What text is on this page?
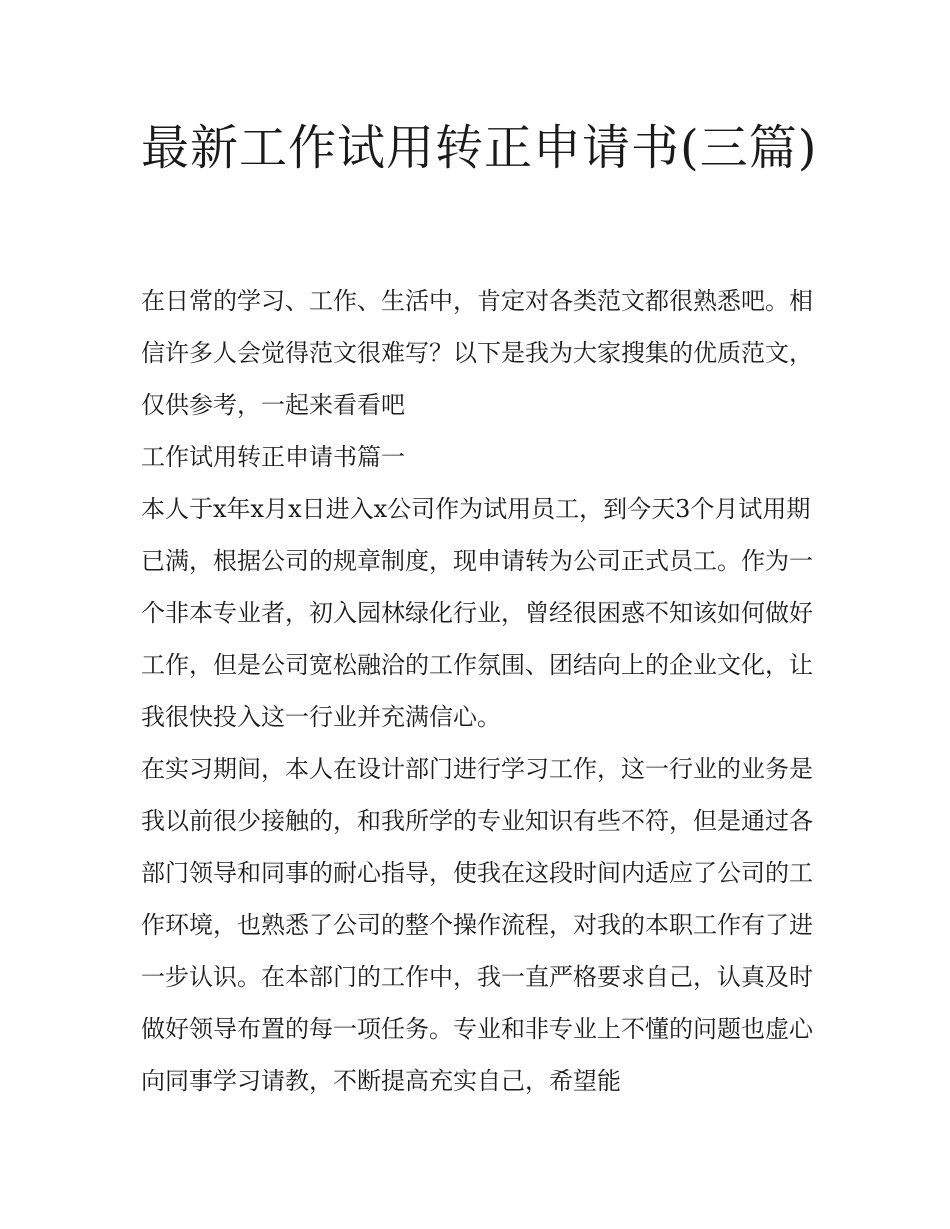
最新工作试用转正申请书(三篇)

在日常的学习、工作、生活中，肯定对各类范文都很熟悉吧。相信许多人会觉得范文很难写？以下是我为大家搜集的优质范文，仅供参考，一起来看看吧

工作试用转正申请书篇一

本人于x年x月x日进入x公司作为试用员工，到今天3个月试用期已满，根据公司的规章制度，现申请转为公司正式员工。作为一个非本专业者，初入园林绿化行业，曾经很困惑不知该如何做好工作，但是公司宽松融洽的工作氛围、团结向上的企业文化，让我很快投入这一行业并充满信心。

在实习期间，本人在设计部门进行学习工作，这一行业的业务是我以前很少接触的，和我所学的专业知识有些不符，但是通过各部门领导和同事的耐心指导，使我在这段时间内适应了公司的工作环境，也熟悉了公司的整个操作流程，对我的本职工作有了进一步认识。在本部门的工作中，我一直严格要求自己，认真及时做好领导布置的每一项任务。专业和非专业上不懂的问题也虚心向同事学习请教，不断提高充实自己，希望能
